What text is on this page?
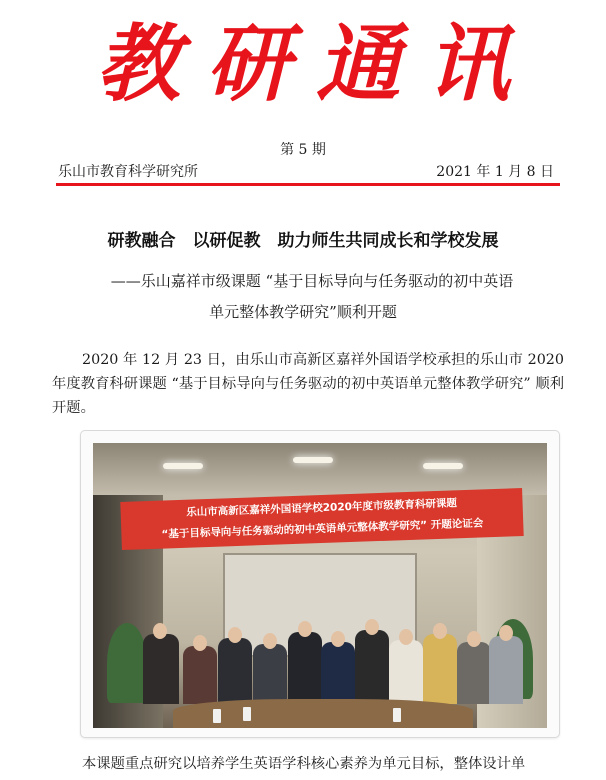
教研通讯
第 5 期
乐山市教育科学研究所	2021 年 1 月 8 日
研教融合　以研促教　助力师生共同成长和学校发展
——乐山嘉祥市级课题 “基于目标导向与任务驱动的初中英语
单元整体教学研究”顺利开题
2020 年 12 月 23 日，由乐山市高新区嘉祥外国语学校承担的乐山市 2020 年度教育科研课题 “基于目标导向与任务驱动的初中英语单元整体教学研究” 顺利开题。
乐山市高新区嘉祥外国语学校2020年度市级教育科研课题
“基于目标导向与任务驱动的初中英语单元整体教学研究” 开题论证会
本课题重点研究以培养学生英语学科核心素养为单元目标，整体设计单
